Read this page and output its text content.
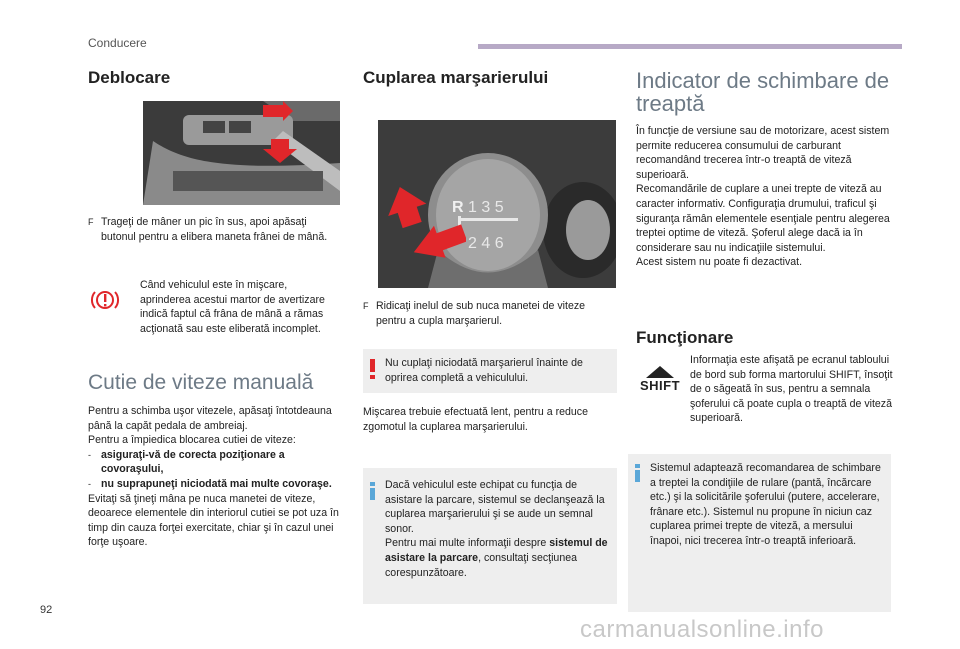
Conducere
Deblocare
F Trageţi de mâner un pic în sus, apoi apăsaţi butonul pentru a elibera maneta frânei de mână.
Când vehiculul este în mişcare, aprinderea acestui martor de avertizare indică faptul că frâna de mână a rămas acţionată sau este eliberată incomplet.
Cutie de viteze manuală
Pentru a schimba uşor vitezele, apăsaţi întotdeauna până la capăt pedala de ambreiaj.
Pentru a împiedica blocarea cutiei de viteze:
- asiguraţi-vă de corecta poziţionare a covoraşului,
- nu suprapuneţi niciodată mai multe covoraşe.
Evitaţi să ţineţi mâna pe nuca manetei de viteze, deoarece elementele din interiorul cutiei se pot uza în timp din cauza forţei exercitate, chiar şi în cazul unei forţe uşoare.
Cuplarea marşarierului
R 1 3 5
2 4 6
F Ridicaţi inelul de sub nuca manetei de viteze pentru a cupla marşarierul.
Nu cuplaţi niciodată marşarierul înainte de oprirea completă a vehiculului.
Mişcarea trebuie efectuată lent, pentru a reduce zgomotul la cuplarea marşarierului.
Dacă vehiculul este echipat cu funcţia de asistare la parcare, sistemul se declanşează la cuplarea marşarierului şi se aude un semnal sonor.
Pentru mai multe informaţii despre sistemul de asistare la parcare, consultaţi secţiunea corespunzătoare.
Indicator de schimbare de treaptă
În funcţie de versiune sau de motorizare, acest sistem permite reducerea consumului de carburant recomandând trecerea într-o treaptă de viteză superioară.
Recomandările de cuplare a unei trepte de viteză au caracter informativ. Configuraţia drumului, traficul şi siguranţa rămân elementele esenţiale pentru alegerea treptei optime de viteză. Şoferul alege dacă ia în considerare sau nu indicaţiile sistemului.
Acest sistem nu poate fi dezactivat.
Funcţionare
SHIFT
Informaţia este afişată pe ecranul tabloului de bord sub forma martorului SHIFT, însoţit de o săgeată în sus, pentru a semnala şoferului că poate cupla o treaptă de viteză superioară.
Sistemul adaptează recomandarea de schimbare a treptei la condiţiile de rulare (pantă, încărcare etc.) şi la solicitările şoferului (putere, accelerare, frânare etc.). Sistemul nu propune în niciun caz cuplarea primei trepte de viteză, a mersului înapoi, nici trecerea într-o treaptă inferioară.
92
carmanualsonline.info
